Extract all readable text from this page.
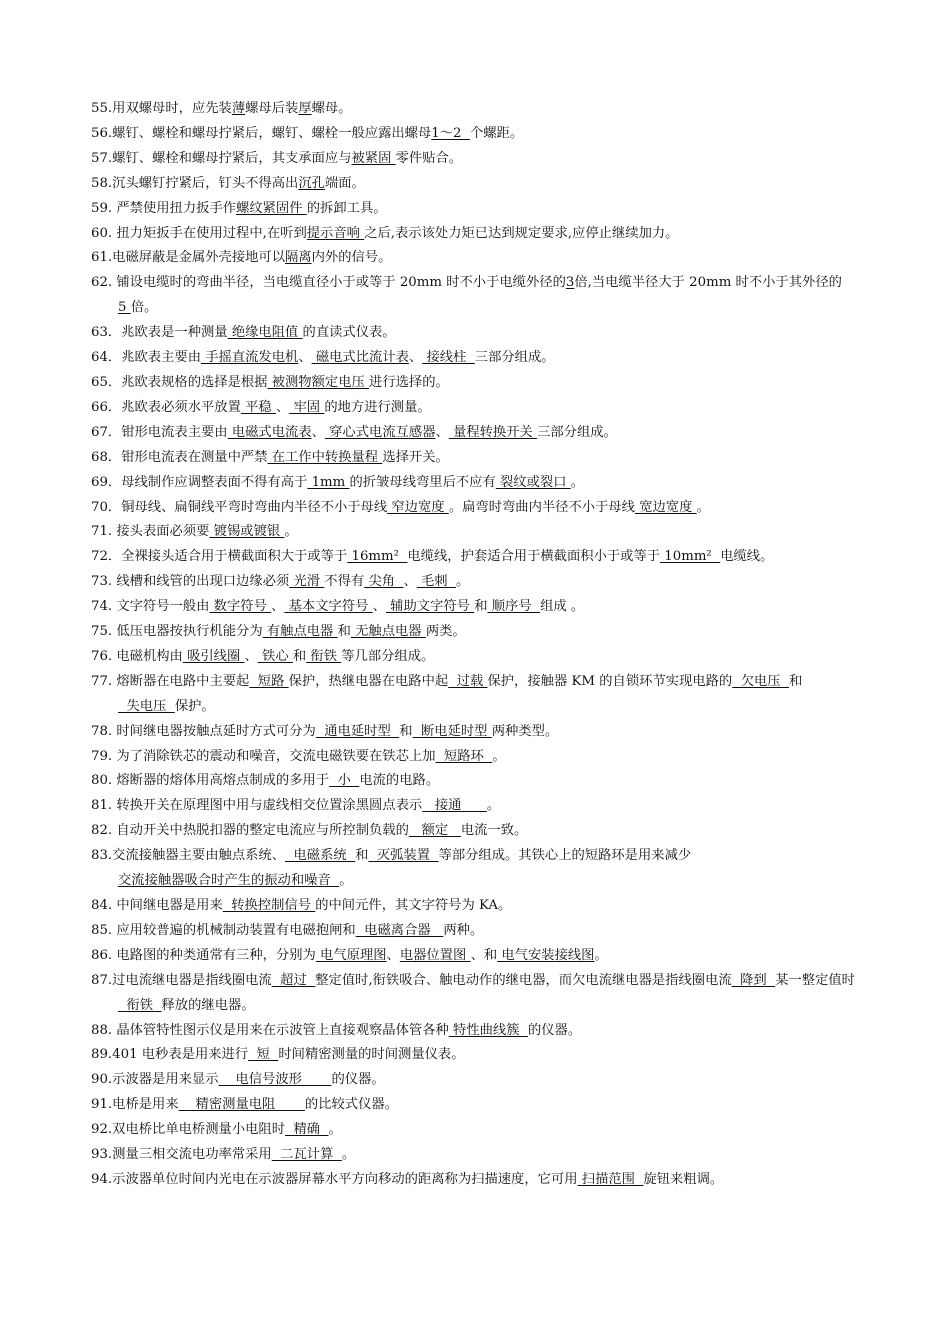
55.用双螺母时，应先装薄螺母后装厚螺母。
56.螺钉、螺栓和螺母拧紧后，螺钉、螺栓一般应露出螺母1～2  个螺距。
57.螺钉、螺栓和螺母拧紧后，其支承面应与被紧固 零件贴合。
58.沉头螺钉拧紧后，钉头不得高出沉孔端面。
59. 严禁使用扭力扳手作螺纹紧固件 的拆卸工具。
60. 扭力矩扳手在使用过程中,在听到提示音响 之后,表示该处力矩已达到规定要求,应停止继续加力。
61.电磁屏蔽是金属外壳接地可以隔离内外的信号。
62. 铺设电缆时的弯曲半径，当电缆直径小于或等于 20mm 时不小于电缆外径的3倍,当电缆半径大于 20mm 时不小于其外径的5 倍。
63．兆欧表是一种测量 绝缘电阻值 的直读式仪表。
64．兆欧表主要由 手摇直流发电机、 磁电式比流计表、 接线柱  三部分组成。
65．兆欧表规格的选择是根据 被测物额定电压 进行选择的。
66．兆欧表必须水平放置 平稳 、 牢固 的地方进行测量。
67．钳形电流表主要由 电磁式电流表、 穿心式电流互感器、 量程转换开关 三部分组成。
68．钳形电流表在测量中严禁 在工作中转换量程 选择开关。
69．母线制作应调整表面不得有高于 1mm 的折皱母线弯里后不应有 裂纹或裂口 。
70．铜母线、扁铜线平弯时弯曲内半径不小于母线 窄边宽度 。扁弯时弯曲内半径不小于母线 宽边宽度 。
71. 接头表面必须要 镀锡或镀银 。
72．全裸接头适合用于横截面积大于或等于 16mm²  电缆线，护套适合用于横截面积小于或等于 10mm²  电缆线。
73. 线槽和线管的出现口边缘必须 光滑 不得有 尖角  、 毛刺  。
74. 文字符号一般由 数字符号 、 基本文字符号 、 辅助文字符号 和 顺序号  组成 。
75. 低压电器按执行机能分为 有触点电器 和 无触点电器 两类。
76. 电磁机构由 吸引线圈 、 铁心 和 衔铁 等几部分组成。
77. 熔断器在电路中主要起  短路 保护，热继电器在电路中起  过载 保护，接触器 KM 的自锁环节实现电路的  欠电压  和  失电压  保护。
78. 时间继电器按触点延时方式可分为  通电延时型  和  断电延时型 两种类型。
79. 为了消除铁芯的震动和噪音，交流电磁铁要在铁芯上加  短路环  。
80. 熔断器的熔体用高熔点制成的多用于  小  电流的电路。
81. 转换开关在原理图中用与虚线相交位置涂黑圆点表示   接通      。
82. 自动开关中热脱扣器的整定电流应与所控制负载的   额定   电流一致。
83.交流接触器主要由触点系统、  电磁系统  和  灭弧装置  等部分组成。其铁心上的短路环是用来减少交流接触器吸合时产生的振动和噪音  。
84. 中间继电器是用来  转换控制信号 的中间元件，其文字符号为 KA。
85. 应用较普遍的机械制动装置有电磁抱闸和  电磁离合器   两种。
86. 电路图的种类通常有三种，分别为 电气原理图、电器位置图 、和 电气安装接线图。
87.过电流继电器是指线圈电流  超过  整定值时,衔铁吸合、触电动作的继电器，而欠电流继电器是指线圈电流  降到  某一整定值时  衔铁  释放的继电器。
88. 晶体管特性图示仪是用来在示波管上直接观察晶体管各种 特性曲线簇  的仪器。
89.401 电秒表是用来进行  短  时间精密测量的时间测量仪表。
90.示波器是用来显示    电信号波形       的仪器。
91.电桥是用来    精密测量电阻       的比较式仪器。
92.双电桥比单电桥测量小电阻时  精确  。
93.测量三相交流电功率常采用  二瓦计算  。
94.示波器单位时间内光电在示波器屏幕水平方向移动的距离称为扫描速度，它可用 扫描范围  旋钮来粗调。
